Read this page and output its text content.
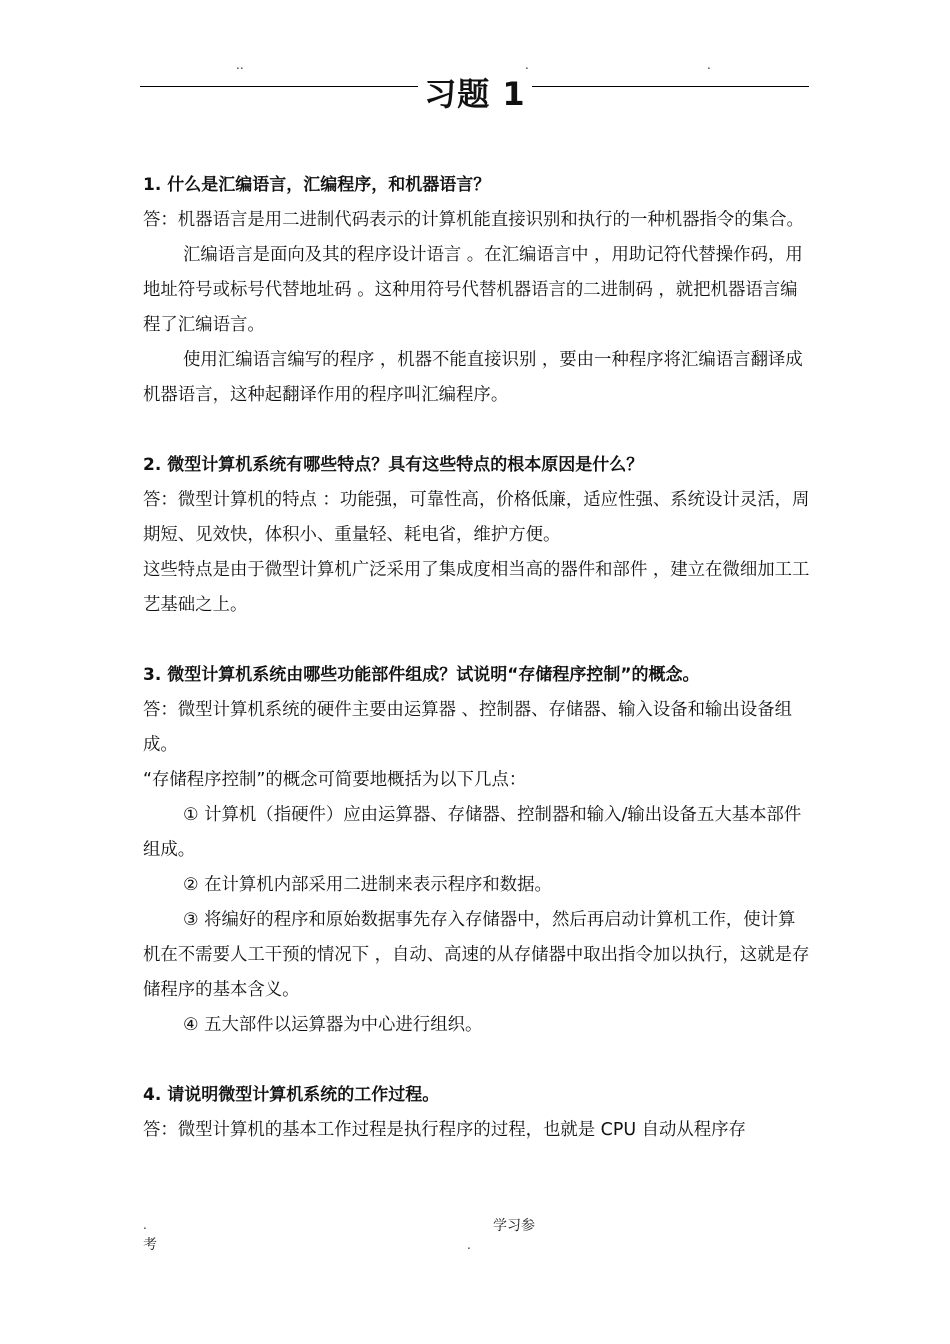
..	.	.
习题 1

1. 什么是汇编语言，汇编程序，和机器语言？

答：机器语言是用二进制代码表示的计算机能直接识别和执行的一种机器指令的集合。

汇编语言是面向及其的程序设计语言 。在汇编语言中 ，用助记符代替操作码，用地址符号或标号代替地址码 。这种用符号代替机器语言的二进制码 ，就把机器语言编程了汇编语言。

使用汇编语言编写的程序 ，机器不能直接识别 ，要由一种程序将汇编语言翻译成机器语言，这种起翻译作用的程序叫汇编程序。

2. 微型计算机系统有哪些特点？具有这些特点的根本原因是什么？

答：微型计算机的特点 ：功能强，可靠性高，价格低廉，适应性强、系统设计灵活，周期短、见效快，体积小、重量轻、耗电省，维护方便。

这些特点是由于微型计算机广泛采用了集成度相当高的器件和部件 ，建立在微细加工工艺基础之上。

3. 微型计算机系统由哪些功能部件组成？试说明“存储程序控制”的概念。

答：微型计算机系统的硬件主要由运算器 、控制器、存储器、输入设备和输出设备组成。

“存储程序控制”的概念可简要地概括为以下几点：

① 计算机（指硬件）应由运算器、存储器、控制器和输入/输出设备五大基本部件组成。

② 在计算机内部采用二进制来表示程序和数据。

③ 将编好的程序和原始数据事先存入存储器中，然后再启动计算机工作，使计算机在不需要人工干预的情况下 ，自动、高速的从存储器中取出指令加以执行，这就是存储程序的基本含义。

④ 五大部件以运算器为中心进行组织。

4. 请说明微型计算机系统的工作过程。

答：微型计算机的基本工作过程是执行程序的过程，也就是 CPU 自动从程序存

.	学习参
考	.
